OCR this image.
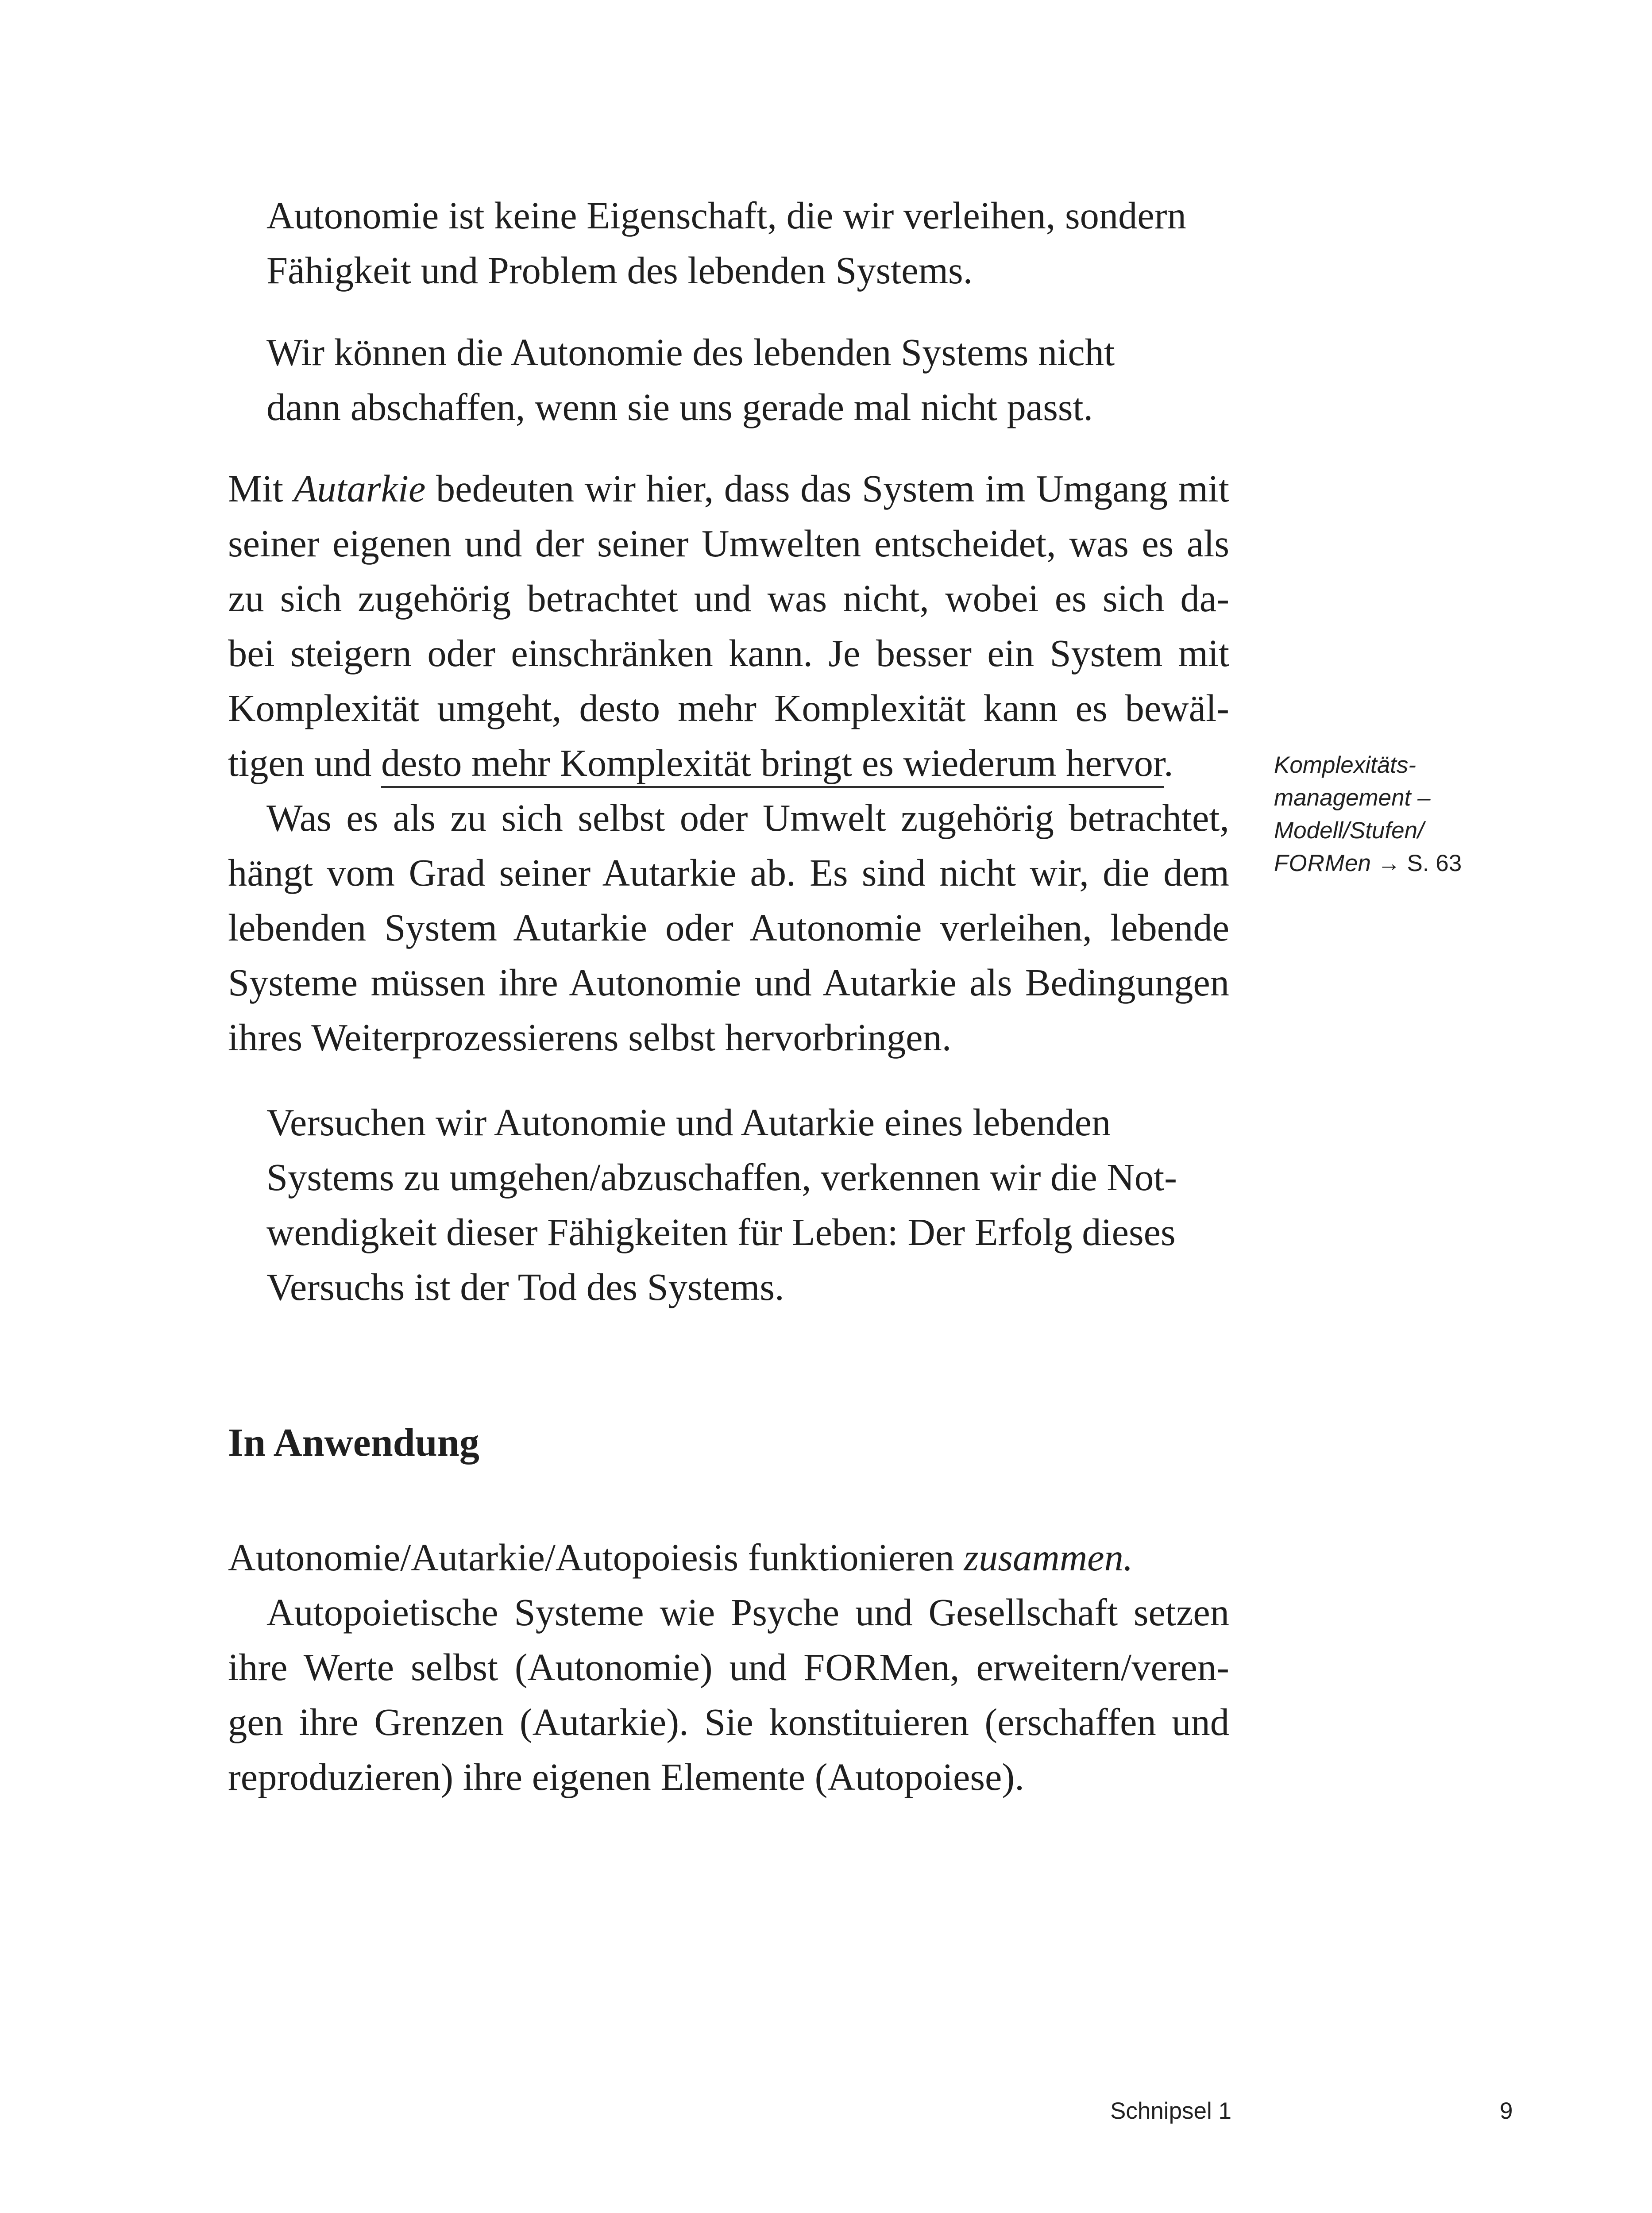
Autonomie ist keine Eigenschaft, die wir verleihen, sondern
Fähigkeit und Problem des lebenden Systems.
Wir können die Autonomie des lebenden Systems nicht
dann abschaffen, wenn sie uns gerade mal nicht passt.
Mit Autarkie bedeuten wir hier, dass das System im Umgang mit
seiner eigenen und der seiner Umwelten entscheidet, was es als
zu sich zugehörig betrachtet und was nicht, wobei es sich da-
bei steigern oder einschränken kann. Je besser ein System mit
Komplexität umgeht, desto mehr Komplexität kann es bewäl-
tigen und desto mehr Komplexität bringt es wiederum hervor.
Was es als zu sich selbst oder Umwelt zugehörig betrachtet,
hängt vom Grad seiner Autarkie ab. Es sind nicht wir, die dem
lebenden System Autarkie oder Autonomie verleihen, lebende
Systeme müssen ihre Autonomie und Autarkie als Bedingungen
ihres Weiterprozessierens selbst hervorbringen.
Versuchen wir Autonomie und Autarkie eines lebenden
Systems zu umgehen/abzuschaffen, verkennen wir die Not-
wendigkeit dieser Fähigkeiten für Leben: Der Erfolg dieses
Versuchs ist der Tod des Systems.
In Anwendung
Autonomie/Autarkie/Autopoiesis funktionieren zusammen.
Autopoietische Systeme wie Psyche und Gesellschaft setzen
ihre Werte selbst (Autonomie) und FORMen, erweitern/veren-
gen ihre Grenzen (Autarkie). Sie konstituieren (erschaffen und
reproduzieren) ihre eigenen Elemente (Autopoiese).
Komplexitäts-
management –
Modell/Stufen/
FORMen → S. 63
Schnipsel 1	9
